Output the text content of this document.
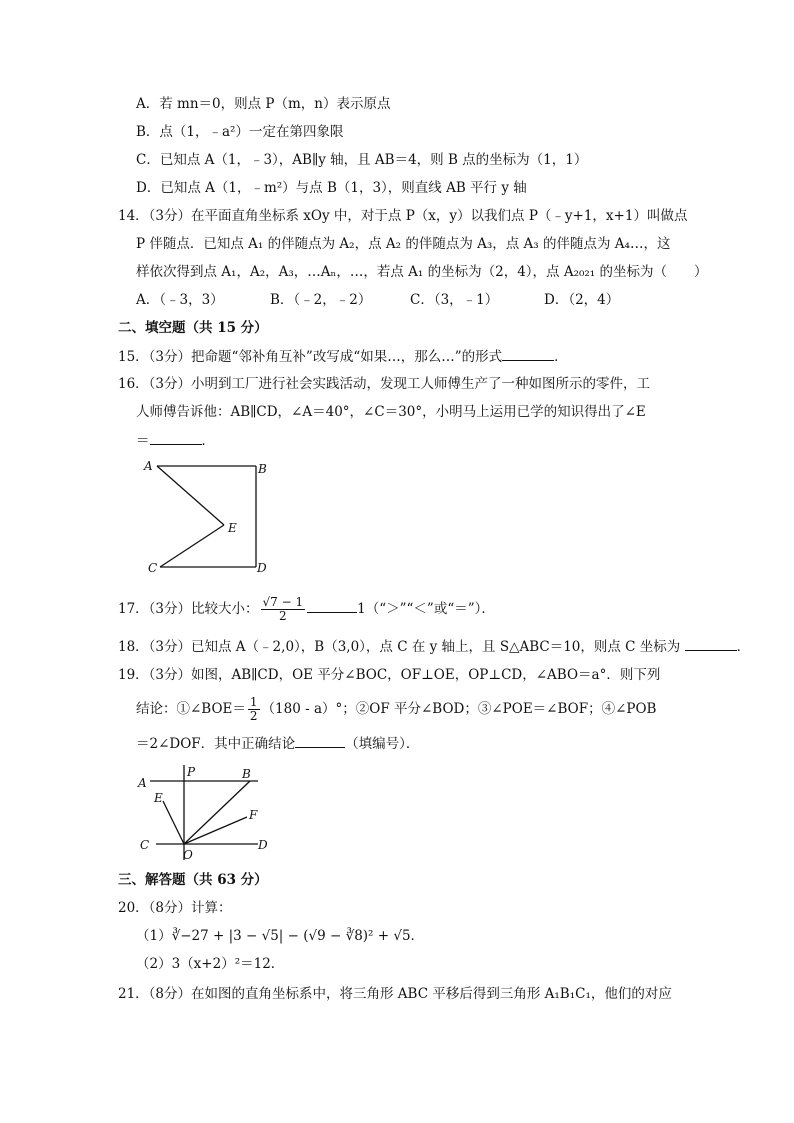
A．若 mn＝0，则点 P（m，n）表示原点
B．点（1，﹣a²）一定在第四象限
C．已知点 A（1，﹣3），AB∥y 轴，且 AB＝4，则 B 点的坐标为（1，1）
D．已知点 A（1，﹣m²）与点 B（1，3），则直线 AB 平行 y 轴
14．（3分）在平面直角坐标系 xOy 中，对于点 P（x，y）以我们点 P（﹣y+1，x+1）叫做点
P 伴随点．已知点 A₁ 的伴随点为 A₂，点 A₂ 的伴随点为 A₃，点 A₃ 的伴随点为 A₄…，这
样依次得到点 A₁，A₂，A₃，…Aₙ，…，若点 A₁ 的坐标为（2，4），点 A₂₀₂₁ 的坐标为（　　）
A．（﹣3，3）	B．（﹣2，﹣2）	C．（3，﹣1）	D．（2，4）
二、填空题（共 15 分）
15．（3分）把命题“邻补角互补”改写成“如果…，那么…”的形式	．
16．（3分）小明到工厂进行社会实践活动，发现工人师傅生产了一种如图所示的零件，工
人师傅告诉他：AB∥CD，∠A＝40°，∠C＝30°，小明马上运用已学的知识得出了∠E
＝	．
A	B
E
C	D
17．（3分）比较大小： $\frac{√7 - 1}{2}$	1（“＞”“＜”或“＝”）．
18．（3分）已知点 A（﹣2,0），B（3,0），点 C 在 y 轴上，且 S△ABC＝10，则点 C 坐标为	．
19．（3分）如图，AB∥CD，OE 平分∠BOC，OF⊥OE，OP⊥CD，∠ABO＝a°．则下列
结论：①∠BOE＝ $\frac{1}{2} (180 - a)^\circ$；②OF 平分∠BOD；③∠POE＝∠BOF；④∠POB
＝2∠DOF．其中正确结论	（填编号）．
A
P	B
E
F
C
O
D
三、解答题（共 63 分）
20．（8分）计算：
（1）∛−27 + |3 − √5| − (√9 − ∛8)² + √5．
（2）3（x+2）²＝12．
21．（8分）在如图的直角坐标系中，将三角形 ABC 平移后得到三角形 A₁B₁C₁，他们的对应
